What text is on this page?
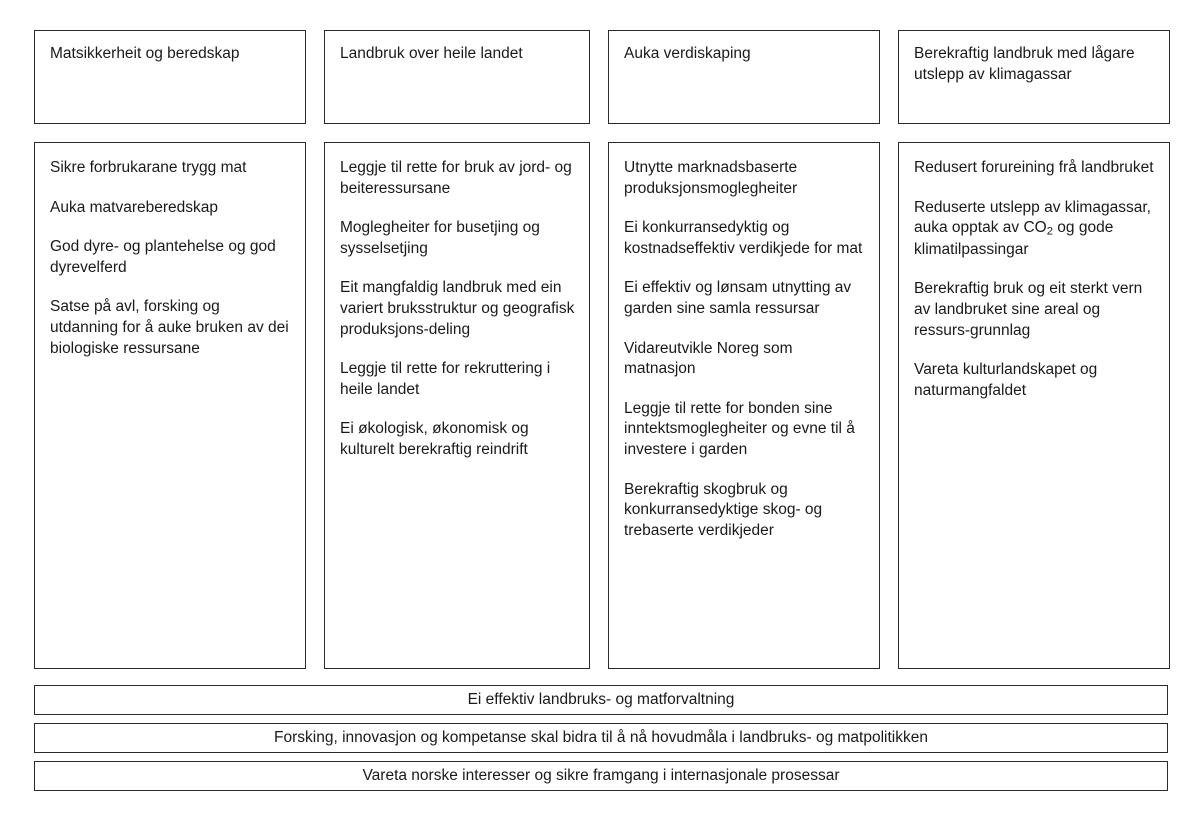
Matsikkerheit og beredskap	Landbruk over heile landet	Auka verdiskaping	Berekraftig landbruk med lågare utslepp av klimagassar

Sikre forbrukarane trygg mat

Auka matvareberedskap

God dyre- og plantehelse og god dyrevelferd

Satse på avl, forsking og utdanning for å auke bruken av dei biologiske ressursane

Leggje til rette for bruk av jord- og beiteressursane

Moglegheiter for busetjing og sysselsetjing

Eit mangfaldig landbruk med ein variert bruksstruktur og geografisk produksjons-deling

Leggje til rette for rekruttering i heile landet

Ei økologisk, økonomisk og kulturelt berekraftig reindrift

Utnytte marknadsbaserte produksjonsmoglegheiter

Ei konkurransedyktig og kostnadseffektiv verdikjede for mat

Ei effektiv og lønsam utnytting av garden sine samla ressursar

Vidareutvikle Noreg som matnasjon

Leggje til rette for bonden sine inntektsmoglegheiter og evne til å investere i garden

Berekraftig skogbruk og konkurransedyktige skog- og trebaserte verdikjeder

Redusert forureining frå landbruket

Reduserte utslepp av klimagassar, auka opptak av $CO_2$ og gode klimatilpassingar

Berekraftig bruk og eit sterkt vern av landbruket sine areal og ressurs-grunnlag

Vareta kulturlandskapet og naturmangfaldet

Ei effektiv landbruks- og matforvaltning
Forsking, innovasjon og kompetanse skal bidra til å nå hovudmåla i landbruks- og matpolitikken
Vareta norske interesser og sikre framgang i internasjonale prosessar
